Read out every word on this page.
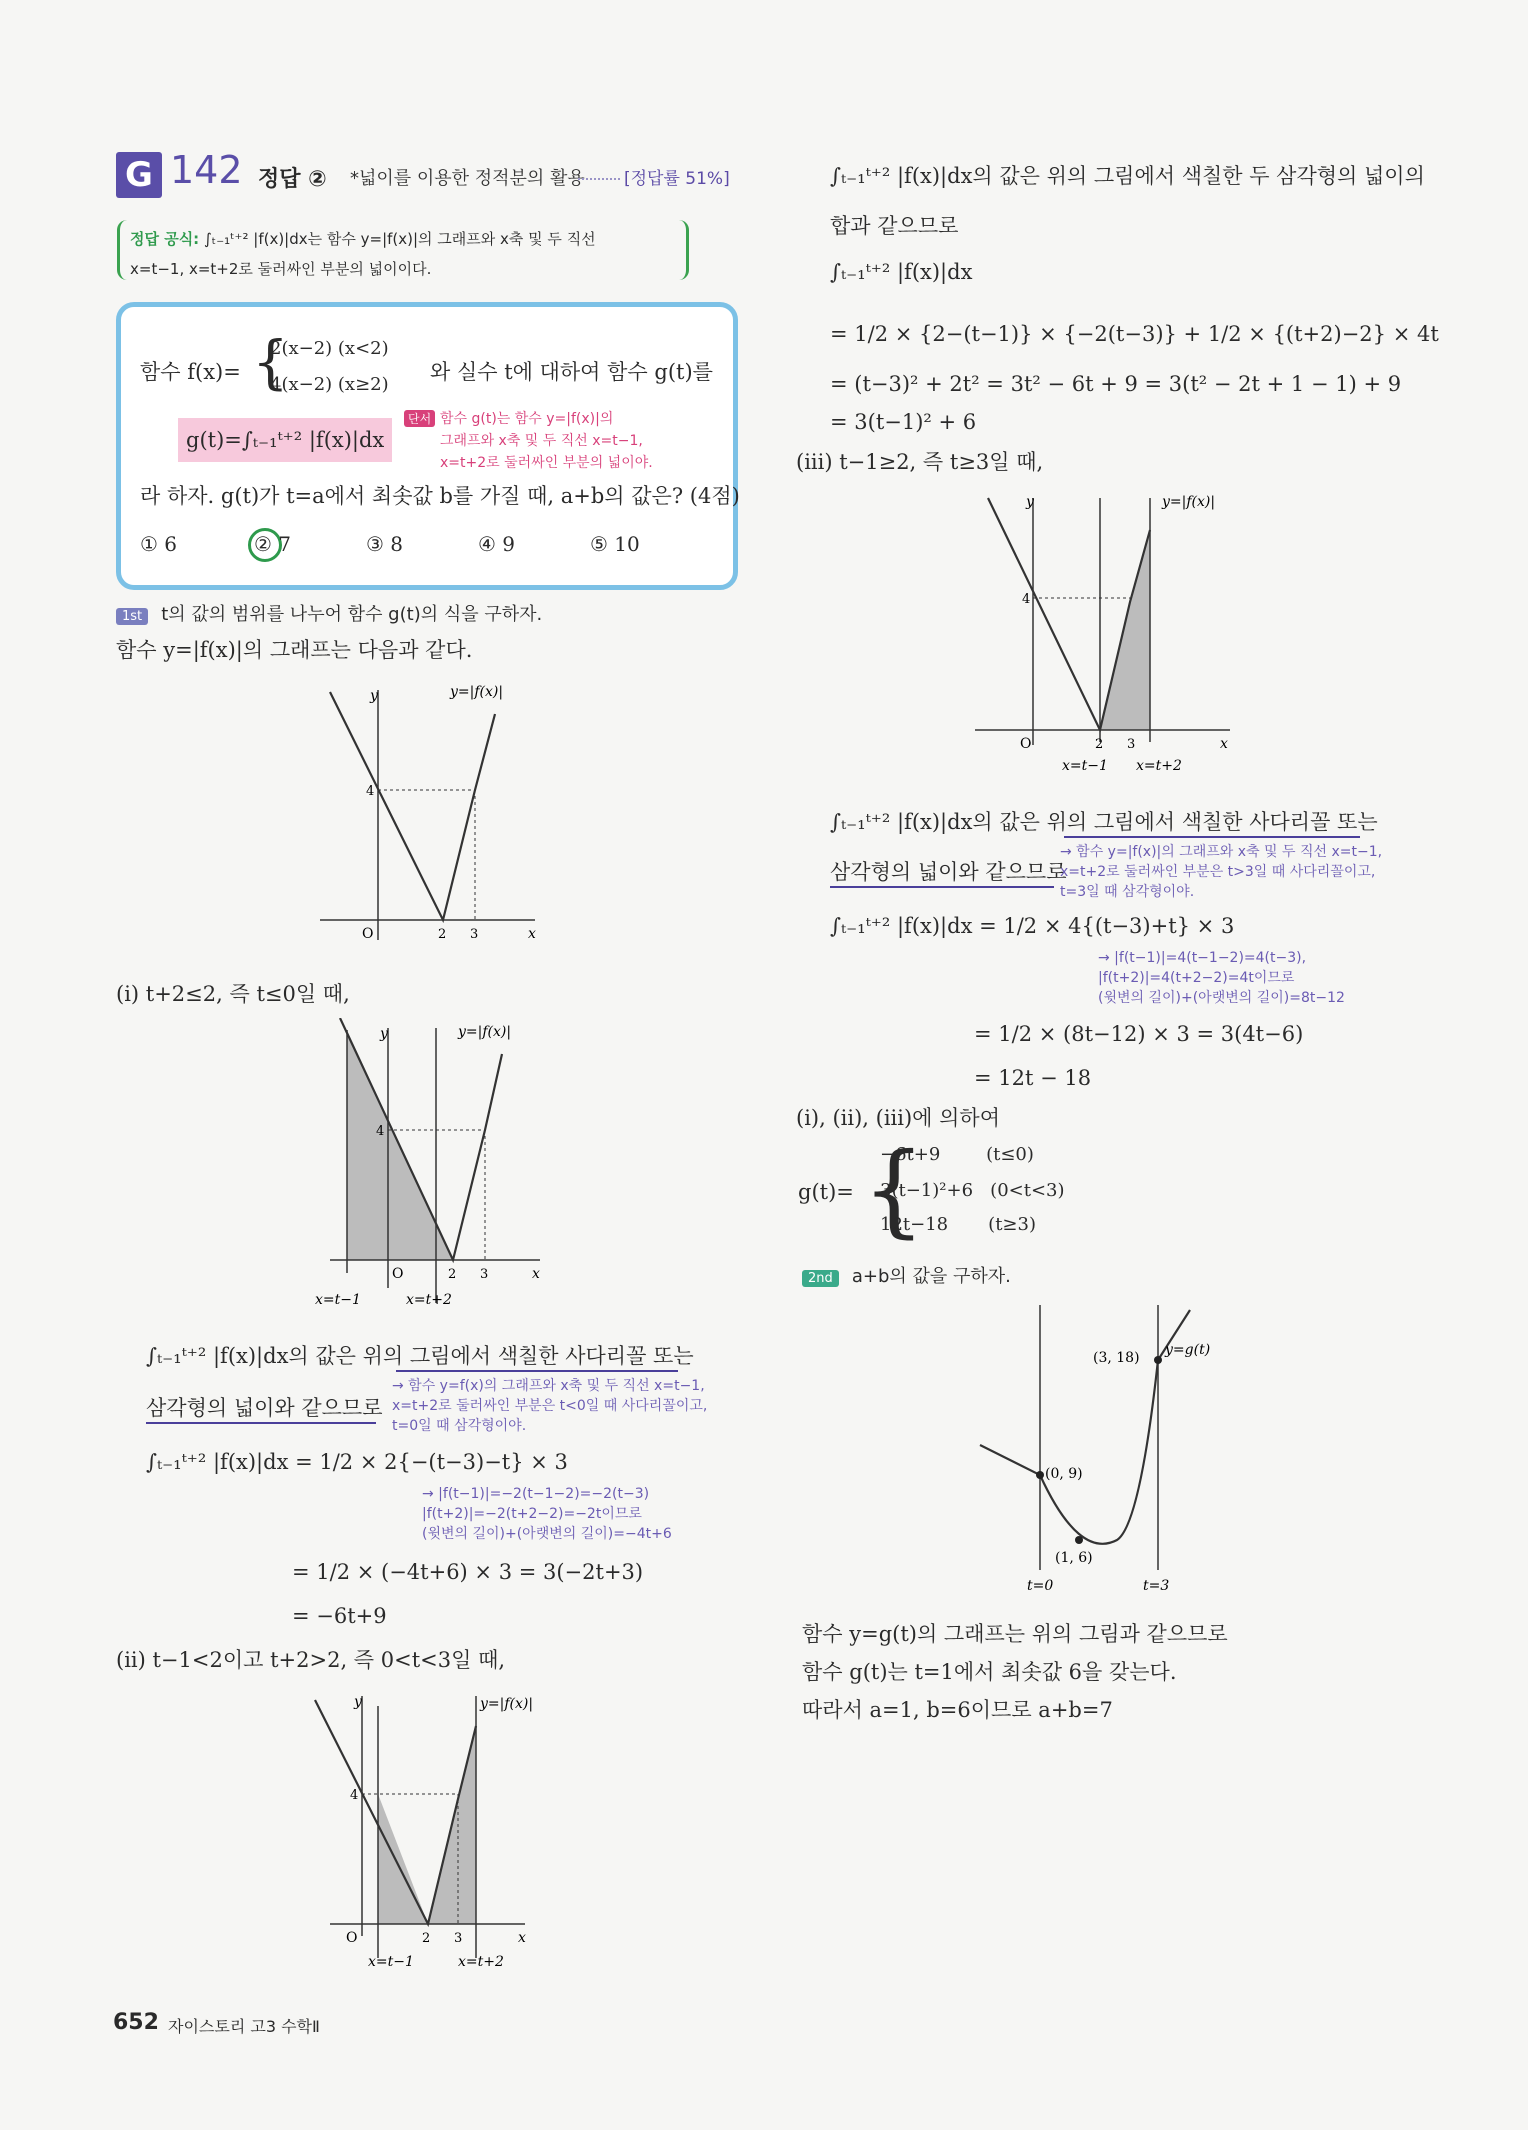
G 142 정답 ② *넓이를 이용한 정적분의 활용 [정답률 51%]
정답 공식: ∫ₜ₋₁ᵗ⁺² |f(x)|dx는 함수 y=|f(x)|의 그래프와 x축 및 두 직선
x=t−1, x=t+2로 둘러싸인 부분의 넓이이다.
함수 f(x)= {
2(x−2) (x<2)
4(x−2) (x≥2)
와 실수 t에 대하여 함수 g(t)를
g(t)=∫ₜ₋₁ᵗ⁺² |f(x)|dx
단서 함수 g(t)는 함수 y=|f(x)|의
그래프와 x축 및 두 직선 x=t−1,
x=t+2로 둘러싸인 부분의 넓이야.
라 하자. g(t)가 t=a에서 최솟값 b를 가질 때, a+b의 값은? (4점)
① 6	② 7	③ 8	④ 9	⑤ 10
1st t의 값의 범위를 나누어 함수 g(t)의 식을 구하자.
함수 y=|f(x)|의 그래프는 다음과 같다.
y
x
O
4
2 3
y=|f(x)|
(i) t+2≤2, 즉 t≤0일 때,
y
x
O
4
2 3
y=|f(x)|
x=t−1	x=t+2
∫ₜ₋₁ᵗ⁺² |f(x)|dx의 값은 위의 그림에서 색칠한 사다리꼴 또는
삼각형의 넓이와 같으므로
→ 함수 y=f(x)의 그래프와 x축 및 두 직선 x=t−1,
x=t+2로 둘러싸인 부분은 t<0일 때 사다리꼴이고,
t=0일 때 삼각형이야.
∫ₜ₋₁ᵗ⁺² |f(x)|dx = 1/2 × 2{−(t−3)−t} × 3
→ |f(t−1)|=−2(t−1−2)=−2(t−3)
|f(t+2)|=−2(t+2−2)=−2t이므로
(윗변의 길이)+(아랫변의 길이)=−4t+6
= 1/2 × (−4t+6) × 3 = 3(−2t+3)
= −6t+9
(ii) t−1<2이고 t+2>2, 즉 0<t<3일 때,
y
x
O
4
2 3
y=|f(x)|
x=t−1	x=t+2
∫ₜ₋₁ᵗ⁺² |f(x)|dx의 값은 위의 그림에서 색칠한 두 삼각형의 넓이의
합과 같으므로
∫ₜ₋₁ᵗ⁺² |f(x)|dx
= 1/2 × {2−(t−1)} × {−2(t−3)} + 1/2 × {(t+2)−2} × 4t
= (t−3)² + 2t² = 3t² − 6t + 9 = 3(t² − 2t + 1 − 1) + 9
= 3(t−1)² + 6
(iii) t−1≥2, 즉 t≥3일 때,
y
x
O
4
2 3
y=|f(x)|
x=t−1 x=t+2
∫ₜ₋₁ᵗ⁺² |f(x)|dx의 값은 위의 그림에서 색칠한 사다리꼴 또는
삼각형의 넓이와 같으므로
→ 함수 y=|f(x)|의 그래프와 x축 및 두 직선 x=t−1,
x=t+2로 둘러싸인 부분은 t>3일 때 사다리꼴이고,
t=3일 때 삼각형이야.
∫ₜ₋₁ᵗ⁺² |f(x)|dx = 1/2 × 4{(t−3)+t} × 3
→ |f(t−1)|=4(t−1−2)=4(t−3),
|f(t+2)|=4(t+2−2)=4t이므로
(윗변의 길이)+(아랫변의 길이)=8t−12
= 1/2 × (8t−12) × 3 = 3(4t−6)
= 12t − 18
(i), (ii), (iii)에 의하여
g(t)= {
−6t+9        (t≤0)
3(t−1)²+6   (0<t<3)
12t−18       (t≥3)
2nd a+b의 값을 구하자.
(0, 9)
(1, 6)
(3, 18) y=g(t)
t=0	t=3
함수 y=g(t)의 그래프는 위의 그림과 같으므로
함수 g(t)는 t=1에서 최솟값 6을 갖는다.
따라서 a=1, b=6이므로 a+b=7
652 자이스토리 고3 수학Ⅱ
